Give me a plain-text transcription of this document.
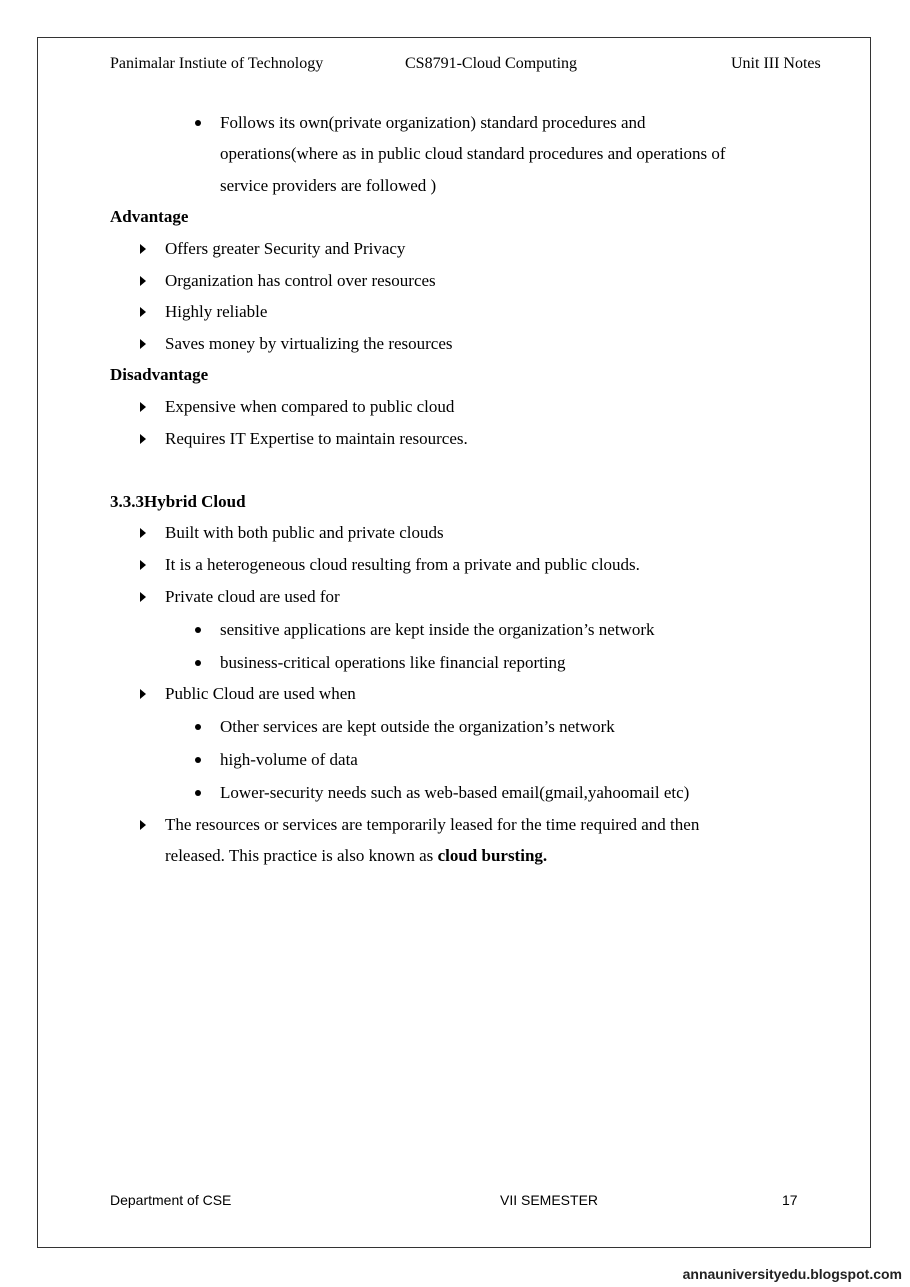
Panimalar Instiute of Technology	CS8791-Cloud Computing	Unit III Notes
Follows its own(private organization) standard procedures and
operations(where as in public cloud standard procedures and operations of
service providers are followed )
Advantage
Offers greater Security and Privacy
Organization has control over resources
Highly reliable
Saves money by virtualizing the resources
Disadvantage
Expensive when compared to public cloud
Requires IT Expertise to maintain resources.
3.3.3Hybrid Cloud
Built with both public and private clouds
It is a heterogeneous cloud resulting from a private and public clouds.
Private cloud are used for
sensitive applications are kept inside the organization’s network
business-critical operations like financial reporting
Public Cloud are used when
Other services are kept outside the organization’s network
high-volume of data
Lower-security needs such as web-based email(gmail,yahoomail etc)
The resources or services are temporarily leased for the time required and then
released. This practice is also known as cloud bursting.
Department of CSE	VII SEMESTER	17
annauniversityedu.blogspot.com
